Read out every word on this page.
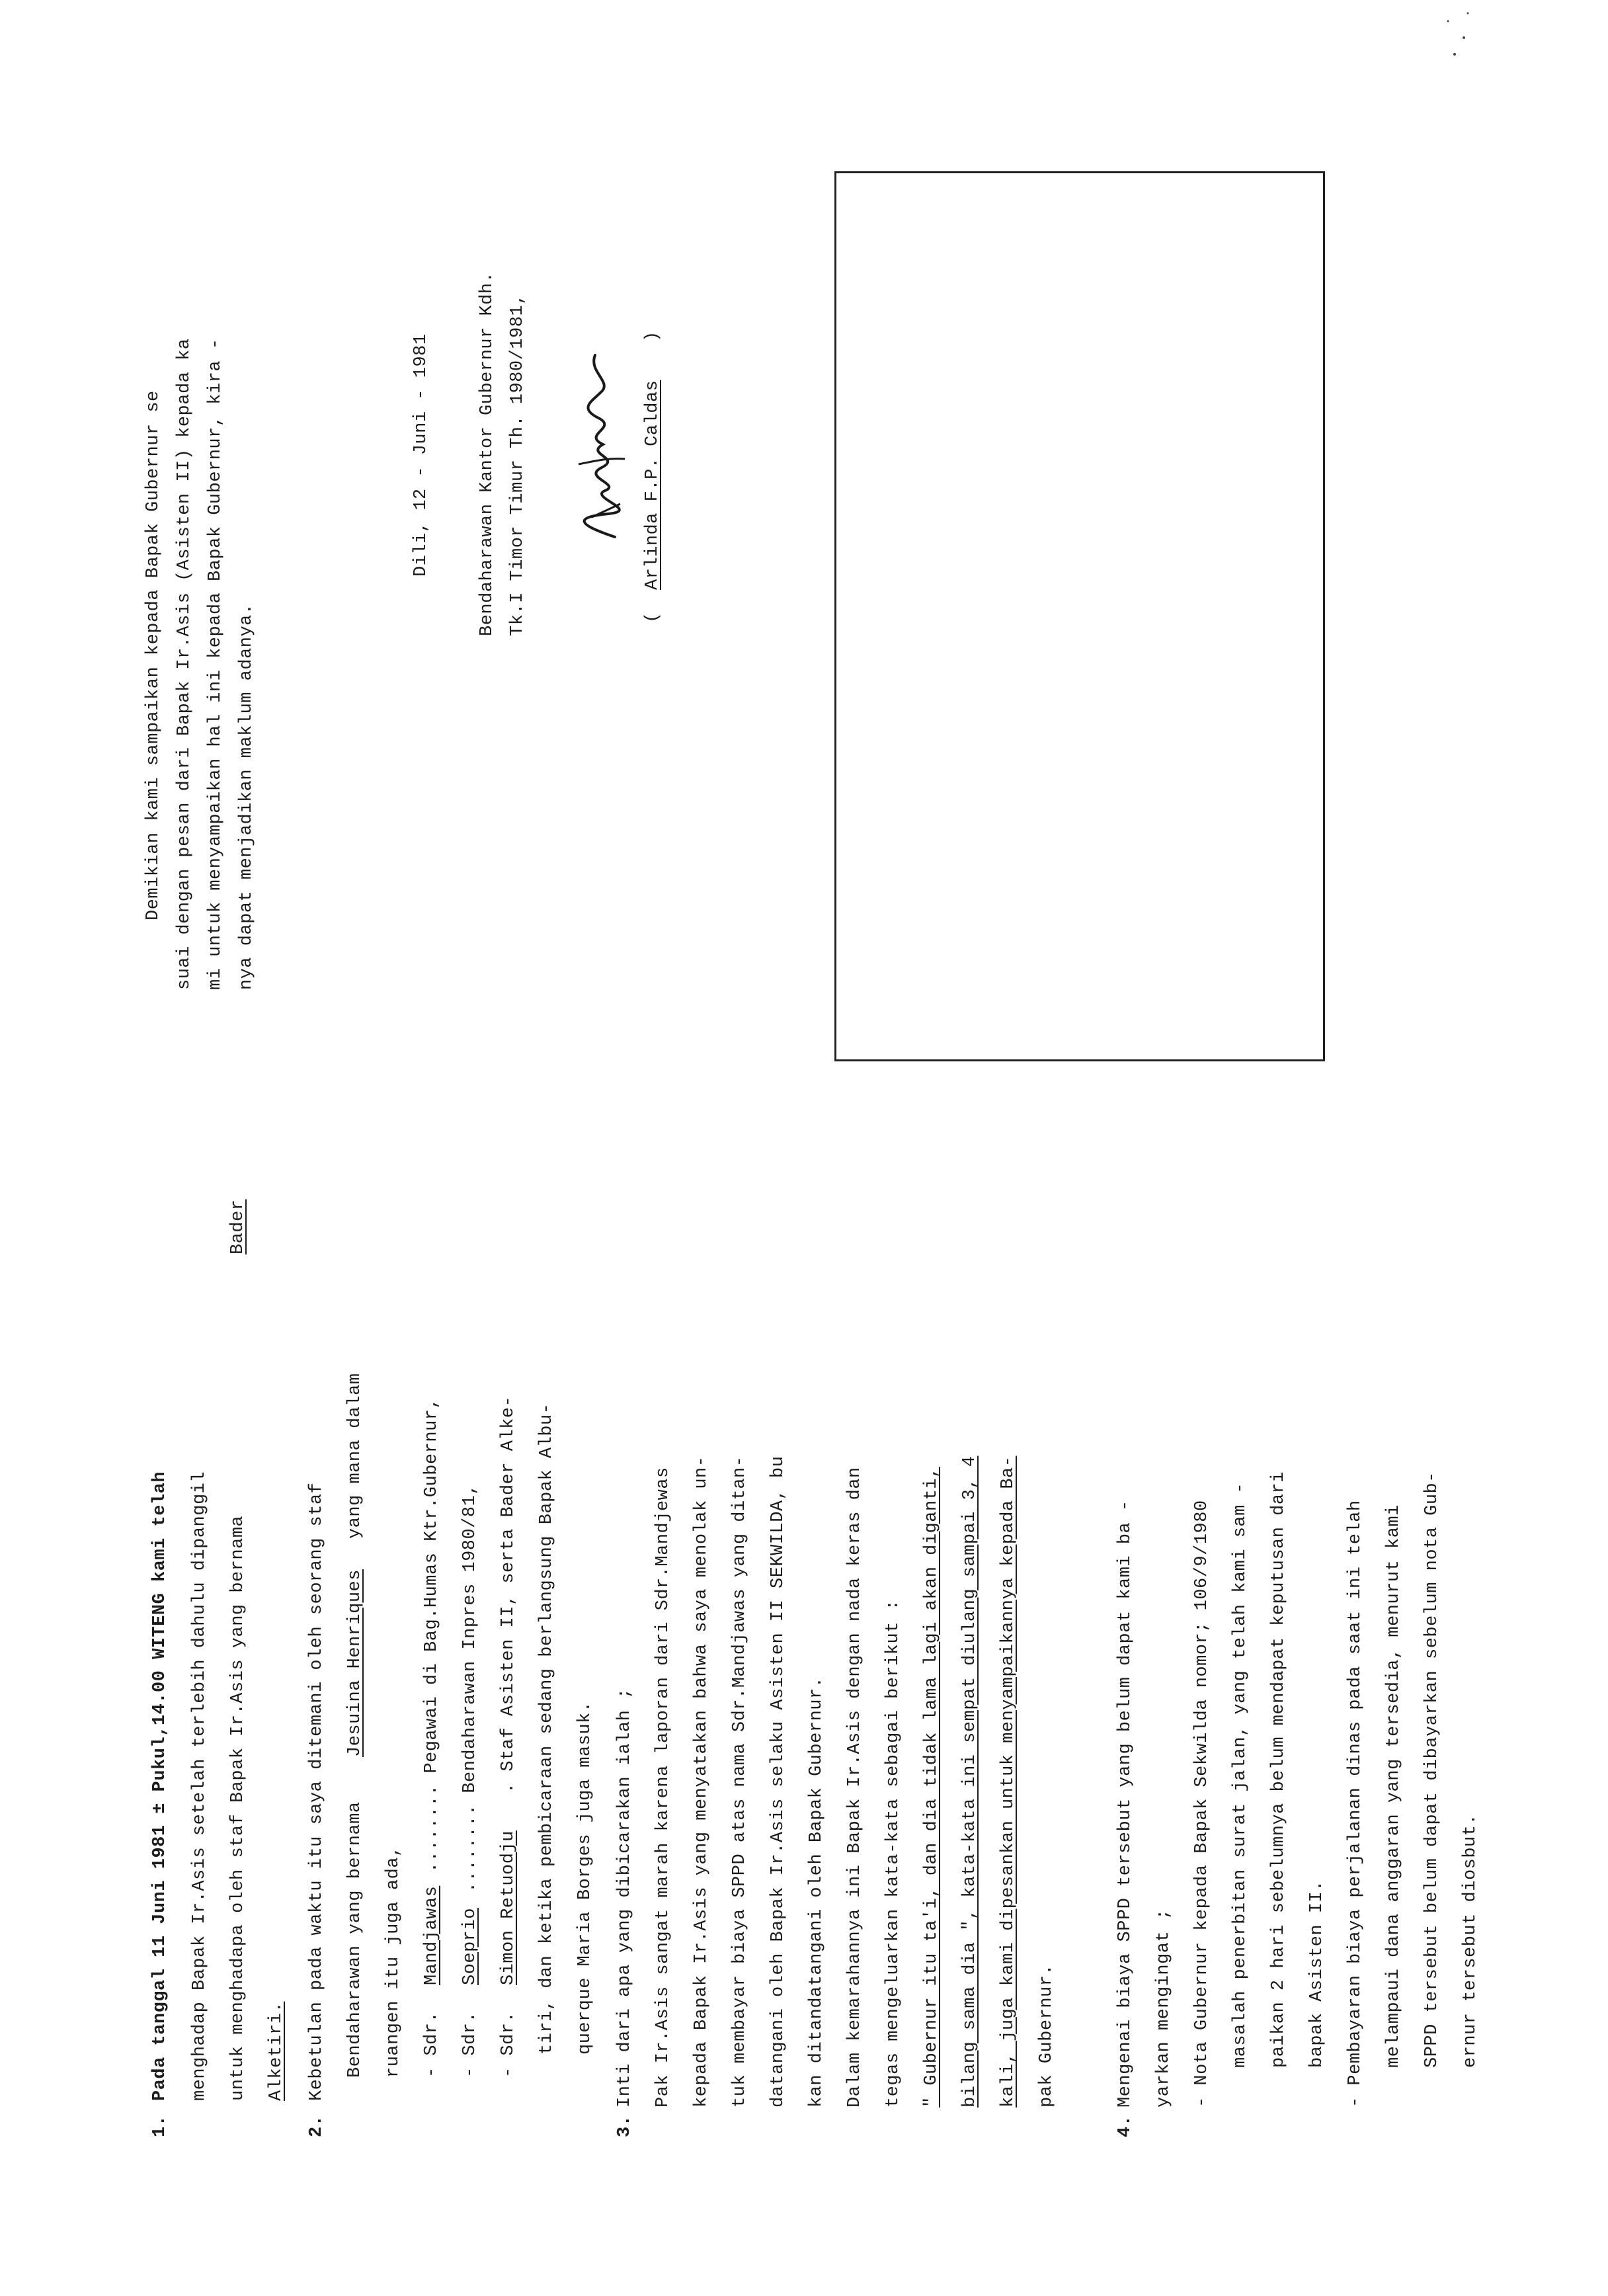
1.
Pada tanggal 11 Juni 1981 ± Pukul,14.00 WITENG kami telah menghadap Bapak Ir.Asis setelah terlebih dahulu dipanggil untuk menghadapa oleh staf Bapak Ir.Asis yang bernama
Bader
Alketiri.
2.
Kebetulan pada waktu itu saya ditemani oleh seorang staf Bendaharawan yang bernama
Jesuina Henriques
yang mana dalam
ruangen itu juga ada, - Sdr.
Mandjawas
........ Pegawai di Bag.Humas Ktr.Gubernur,
- Sdr.
Soeprio
........ Bendaharawan Inpres 1980/81,
- Sdr.
Simon Retuodju
. Staf Asisten II, serta Bader Alke- tiri, dan ketika pembicaraan sedang berlangsung Bapak Albu- querque Maria Borges juga masuk.
3.
Inti dari apa yang dibicarakan ialah ; Pak Ir.Asis sangat marah karena laporan dari Sdr.Mandjewas kepada Bapak Ir.Asis yang menyatakan bahwa saya menolak un- tuk membayar biaya SPPD atas nama Sdr.Mandjawas yang ditan- datangani oleh Bapak Ir.Asis selaku Asisten II SEKWILDA, bu kan ditandatangani oleh Bapak Gubernur. Dalam kemarahannya ini Bapak Ir.Asis dengan nada keras dan tegas mengeluarkan kata-kata sebagai berikut : " Gubernur itu ta'i, dan dia tidak lama lagi akan diganti, bilang sama dia ", kata-kata ini sempat diulang sampai 3, 4 kali, juga kami dipesankan untuk menyampaikannya kepada Ba- pak Gubernur.
4.
Mengenai biaya SPPD tersebut yang belum dapat kami ba - yarkan mengingat ; - Nota Gubernur kepada Bapak Sekwilda nomor; 106/9/1980 masalah penerbitan surat jalan, yang telah kami sam - paikan 2 hari sebelumnya belum mendapat keputusan dari bapak Asisten II. - Pembayaran biaya perjalanan dinas pada saat ini telah melampaui dana anggaran yang tersedia, menurut kami SPPD tersebut belum dapat dibayarkan sebelum nota Gub- ernur tersebut diosbut.
Demikian kami sampaikan kepada Bapak Gubernur se suai dengan pesan dari Bapak Ir.Asis (Asisten II) kepada ka mi untuk menyampaikan hal ini kepada Bapak Gubernur, kira - nya dapat menjadikan maklum adanya.
Dili, 12 - Juni - 1981	Bendaharawan Kantor Gubernur Kdh. Tk.I Timor Timur Th. 1980/1981,	(
Arlinda F.P. Caldas
)
